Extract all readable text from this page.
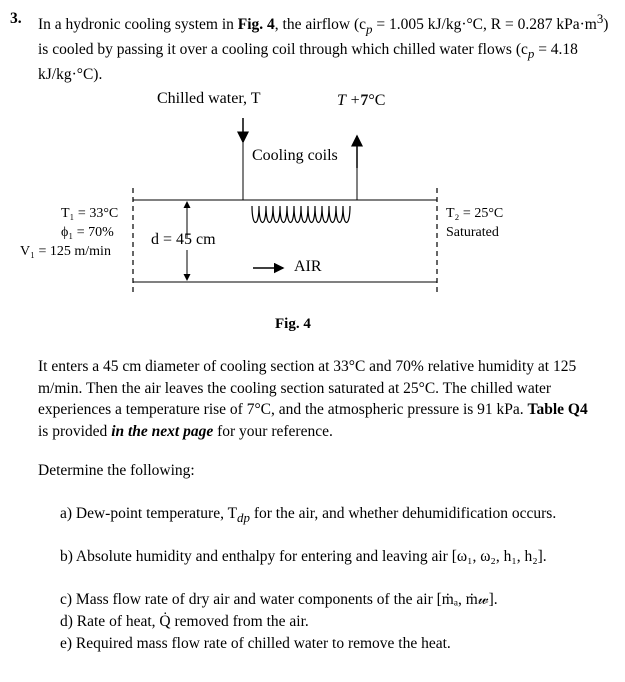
3. In a hydronic cooling system in Fig. 4, the airflow ($c_p = 1.005$ kJ/kg·°C, R = 0.287 $kPa\cdot m^3$) is cooled by passing it over a cooling coil through which chilled water flows ($c_p = 4.18$ kJ/kg·°C).
Chilled water, T	T +7°C
Cooling coils
T₁ = 33°C
ϕ₁ = 70%
V₁ = 125 m/min
d = 45 cm
AIR
T₂ = 25°C
Saturated
Fig. 4
It enters a 45 cm diameter of cooling section at 33°C and 70% relative humidity at 125 m/min. Then the air leaves the cooling section saturated at 25°C. The chilled water experiences a temperature rise of 7°C, and the atmospheric pressure is 91 kPa. Table Q4 is provided in the next page for your reference.
Determine the following:
a) Dew-point temperature, $T_{dp}$ for the air, and whether dehumidification occurs.
b) Absolute humidity and enthalpy for entering and leaving air [ω₁, ω₂, h₁, h₂].
c) Mass flow rate of dry air and water components of the air [ṁₐ, ṁ𝓌].
d) Rate of heat, Q̇ removed from the air.
e) Required mass flow rate of chilled water to remove the heat.
